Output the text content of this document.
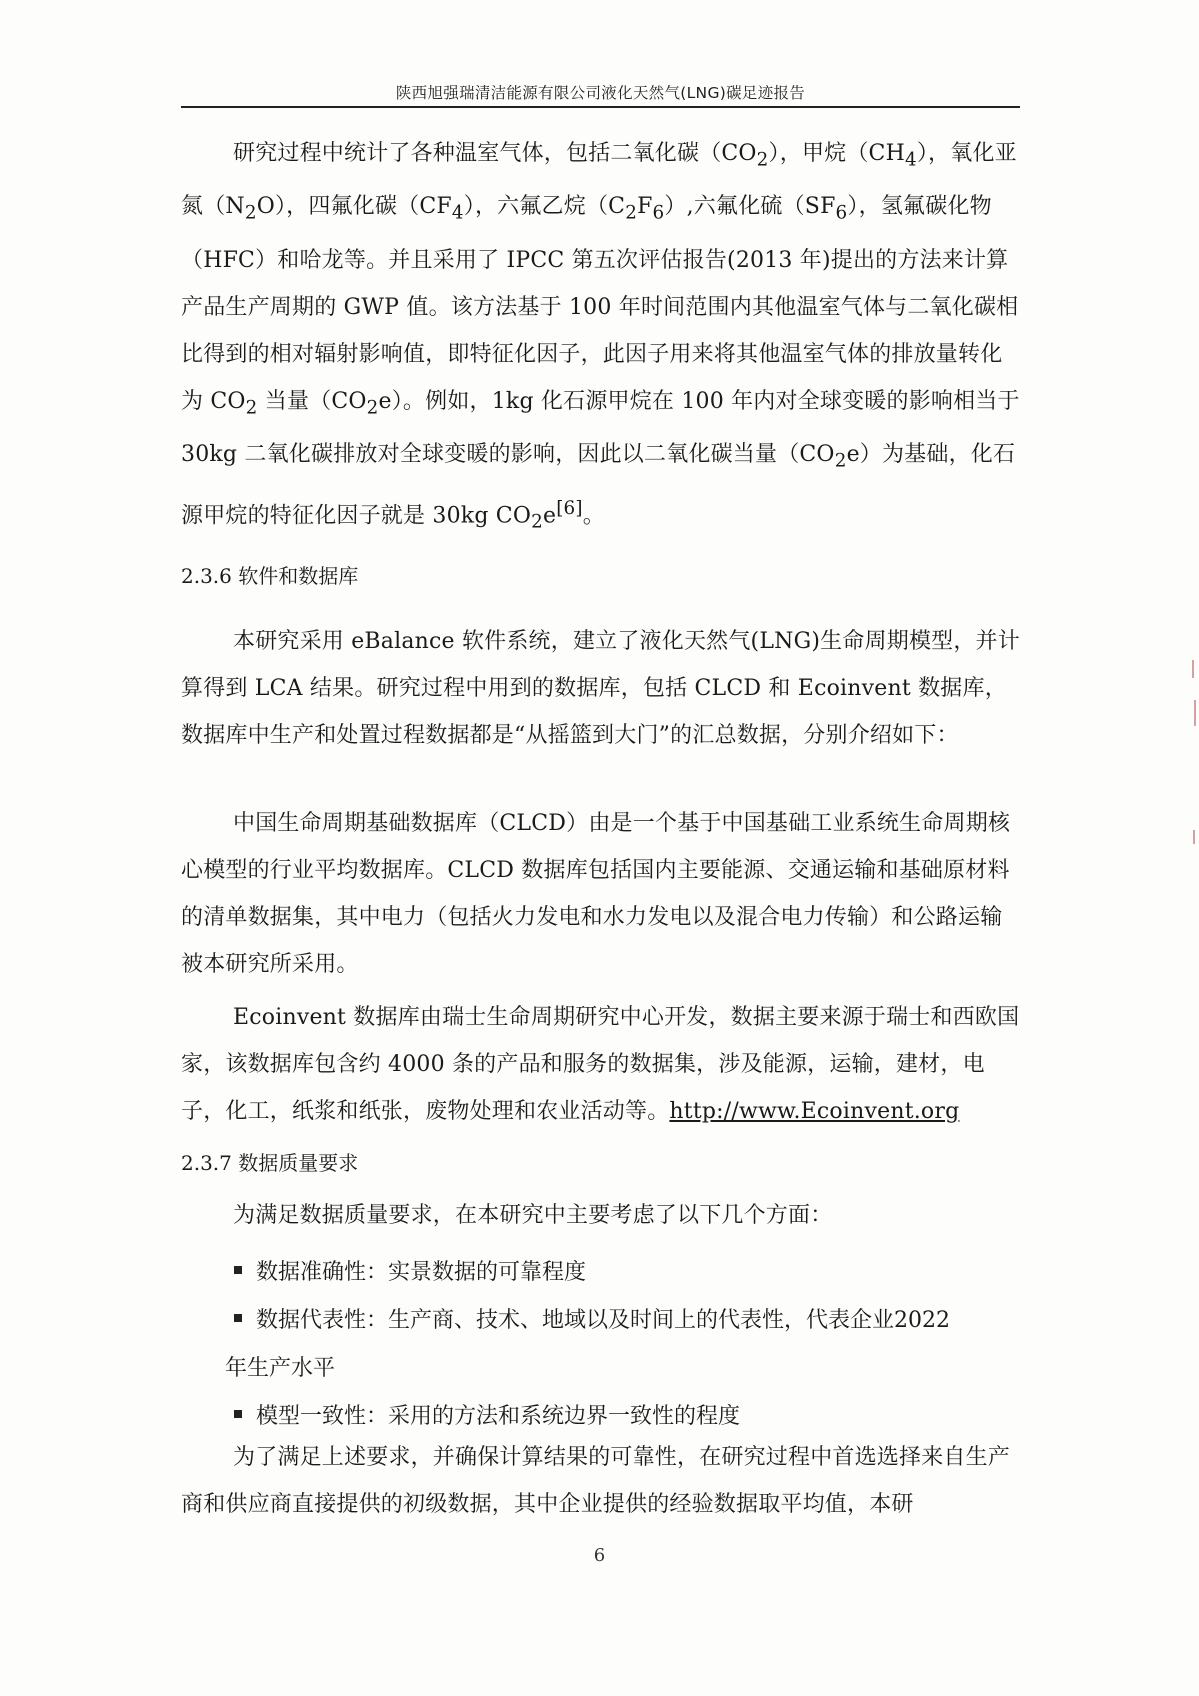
陕西旭强瑞清洁能源有限公司液化天然气(LNG)碳足迹报告
研究过程中统计了各种温室气体，包括二氧化碳$(CO_2)$，甲烷$(CH_4)$，氧化亚氮$(N_2O)$，四氟化碳$(CF_4)$，六氟乙烷$(C_2F_6)$,六氟化硫$(SF_6)$，氢氟碳化物（HFC）和哈龙等。并且采用了 IPCC 第五次评估报告(2013 年)提出的方法来计算产品生产周期的 GWP 值。该方法基于 100 年时间范围内其他温室气体与二氧化碳相比得到的相对辐射影响值，即特征化因子，此因子用来将其他温室气体的排放量转化为 $CO_2$ 当量$(CO_2e)$。例如，1kg 化石源甲烷在 100 年内对全球变暖的影响相当于 30kg 二氧化碳排放对全球变暖的影响，因此以二氧化碳当量$(CO_2e)$为基础，化石源甲烷的特征化因子就是 30kg $CO_2e[6]$。
2.3.6 软件和数据库
本研究采用 eBalance 软件系统，建立了液化天然气(LNG)生命周期模型，并计算得到 LCA 结果。研究过程中用到的数据库，包括 CLCD 和 Ecoinvent 数据库，数据库中生产和处置过程数据都是“从摇篮到大门”的汇总数据，分别介绍如下：
中国生命周期基础数据库（CLCD）由是一个基于中国基础工业系统生命周期核心模型的行业平均数据库。CLCD 数据库包括国内主要能源、交通运输和基础原材料的清单数据集，其中电力（包括火力发电和水力发电以及混合电力传输）和公路运输被本研究所采用。
Ecoinvent 数据库由瑞士生命周期研究中心开发，数据主要来源于瑞士和西欧国家，该数据库包含约 4000 条的产品和服务的数据集，涉及能源，运输，建材，电子，化工，纸浆和纸张，废物处理和农业活动等。http://www.Ecoinvent.org
2.3.7 数据质量要求
为满足数据质量要求，在本研究中主要考虑了以下几个方面：
数据准确性：实景数据的可靠程度
数据代表性：生产商、技术、地域以及时间上的代表性，代表企业2022
年生产水平
模型一致性：采用的方法和系统边界一致性的程度
为了满足上述要求，并确保计算结果的可靠性，在研究过程中首选选择来自生产商和供应商直接提供的初级数据，其中企业提供的经验数据取平均值，本研
6
